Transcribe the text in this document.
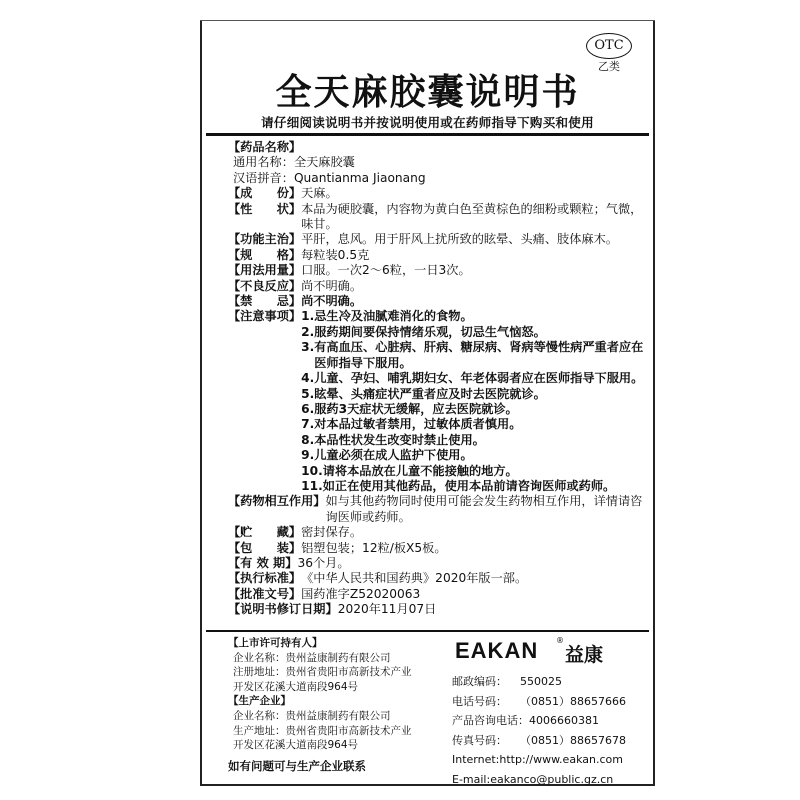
OTC
乙类
全天麻胶囊说明书
请仔细阅读说明书并按说明使用或在药师指导下购买和使用
【药品名称】
通用名称：全天麻胶囊
汉语拼音：Quantianma Jiaonang
【成　　份】 天麻。
【性　　状】 本品为硬胶囊，内容物为黄白色至黄棕色的细粉或颗粒；气微，味甘。
【功能主治】 平肝，息风。用于肝风上扰所致的眩晕、头痛、肢体麻木。
【规　　格】 每粒装0.5克
【用法用量】 口服。一次2～6粒，一日3次。
【不良反应】 尚不明确。
【禁　　忌】 尚不明确。
【注意事项】 1. 忌生冷及油腻难消化的食物。
2. 服药期间要保持情绪乐观，切忌生气恼怒。
3. 有高血压、心脏病、肝病、糖尿病、肾病等慢性病严重者应在医师指导下服用。
4. 儿童、孕妇、哺乳期妇女、年老体弱者应在医师指导下服用。
5. 眩晕、头痛症状严重者应及时去医院就诊。
6. 服药3天症状无缓解，应去医院就诊。
7. 对本品过敏者禁用，过敏体质者慎用。
8. 本品性状发生改变时禁止使用。
9. 儿童必须在成人监护下使用。
10. 请将本品放在儿童不能接触的地方。
11. 如正在使用其他药品，使用本品前请咨询医师或药师。
【药物相互作用】 如与其他药物同时使用可能会发生药物相互作用，详情请咨询医师或药师。
【贮　　藏】 密封保存。
【包　　装】 铝塑包装；12粒/板X5板。
【有 效 期】 36个月。
【执行标准】 《中华人民共和国药典》2020年版一部。
【批准文号】 国药准字Z52020063
【说明书修订日期】 2020年11月07日
【上市许可持有人】
企业名称：贵州益康制药有限公司
注册地址：贵州省贵阳市高新技术产业
开发区花溪大道南段964号
【生产企业】
企业名称：贵州益康制药有限公司
生产地址：贵州省贵阳市高新技术产业
开发区花溪大道南段964号
如有问题可与生产企业联系
EAKAN ®
益康
邮政编码： 550025
电话号码： （0851）88657666
产品咨询电话：4006660381
传真号码： （0851）88657678
Internet:http://www.eakan.com
E-mail:eakanco@public.gz.cn
